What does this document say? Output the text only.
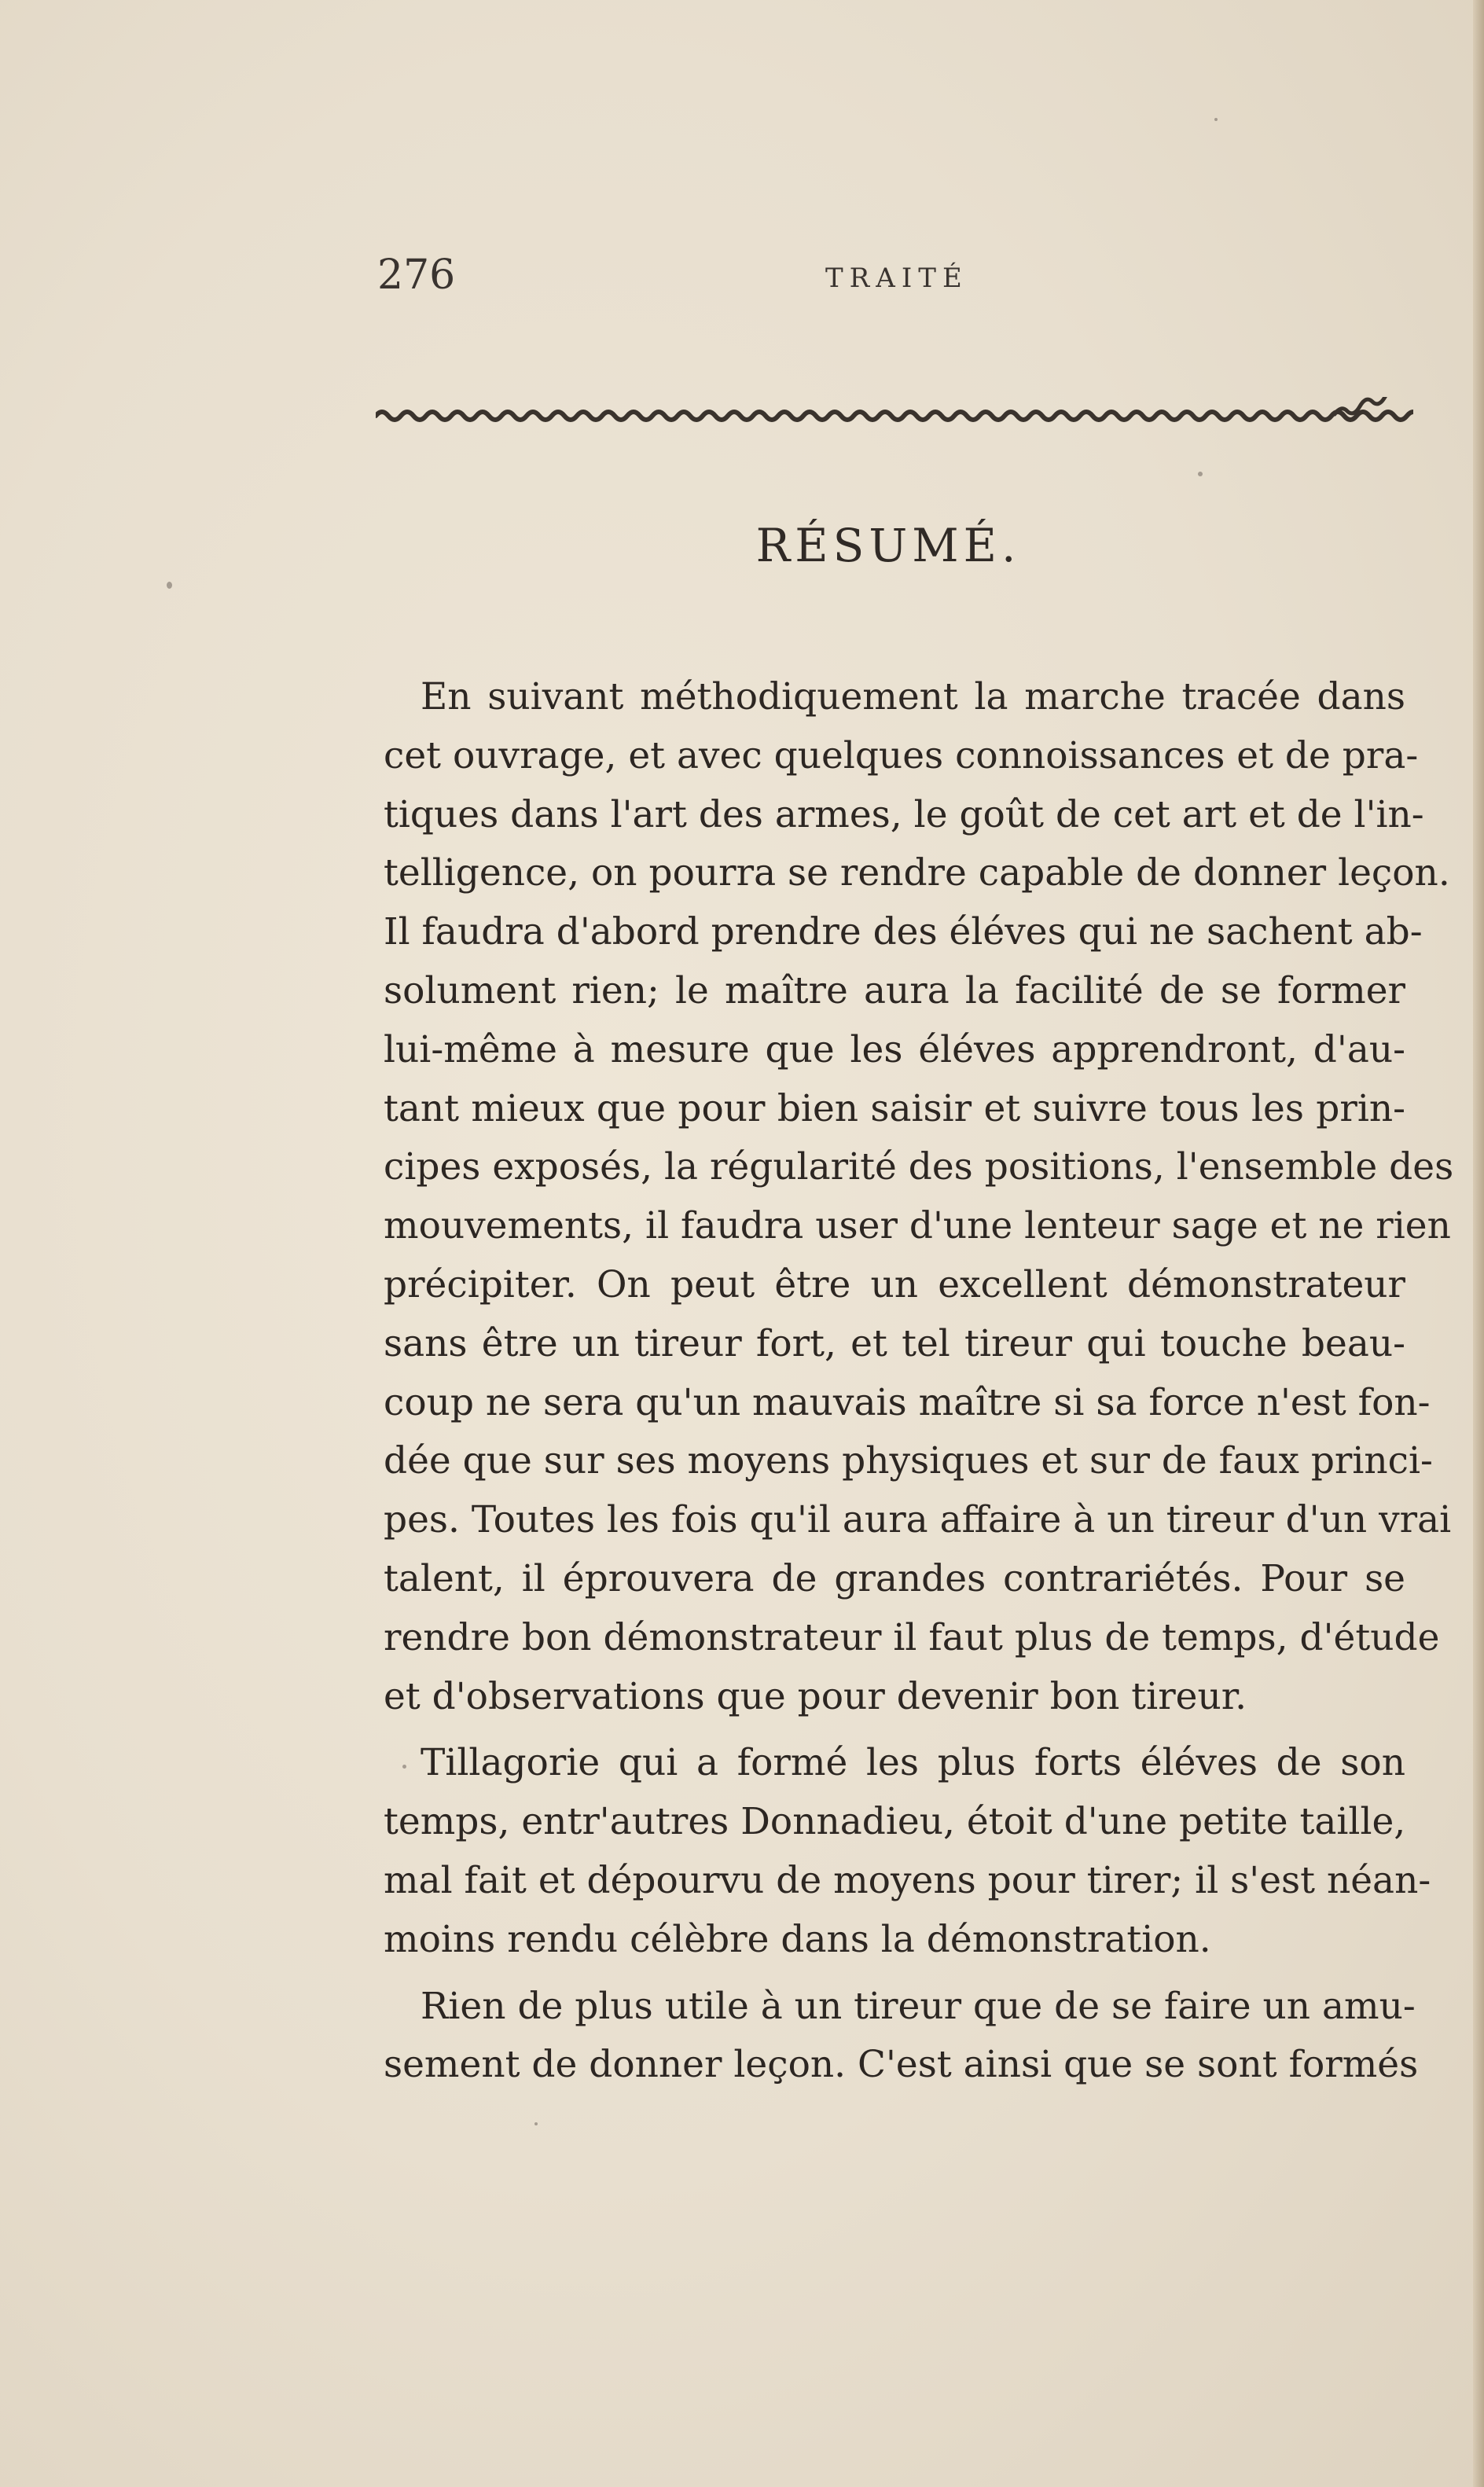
276	TRAITÉ
RÉSUMÉ.
 En suivant méthodiquement la marche tracée dans
cet ouvrage, et avec quelques connoissances et de pra-
tiques dans l'art des armes, le goût de cet art et de l'in-
telligence, on pourra se rendre capable de donner leçon.
Il faudra d'abord prendre des éléves qui ne sachent ab-
solument rien; le maître aura la facilité de se former
lui-même à mesure que les éléves apprendront, d'au-
tant mieux que pour bien saisir et suivre tous les prin-
cipes exposés, la régularité des positions, l'ensemble des
mouvements, il faudra user d'une lenteur sage et ne rien
précipiter. On peut être un excellent démonstrateur
sans être un tireur fort, et tel tireur qui touche beau-
coup ne sera qu'un mauvais maître si sa force n'est fon-
dée que sur ses moyens physiques et sur de faux princi-
pes. Toutes les fois qu'il aura affaire à un tireur d'un vrai
talent, il éprouvera de grandes contrariétés. Pour se
rendre bon démonstrateur il faut plus de temps, d'étude
et d'observations que pour devenir bon tireur.
 Tillagorie qui a formé les plus forts éléves de son
temps, entr'autres Donnadieu, étoit d'une petite taille,
mal fait et dépourvu de moyens pour tirer; il s'est néan-
moins rendu célèbre dans la démonstration.
 Rien de plus utile à un tireur que de se faire un amu-
sement de donner leçon. C'est ainsi que se sont formés
